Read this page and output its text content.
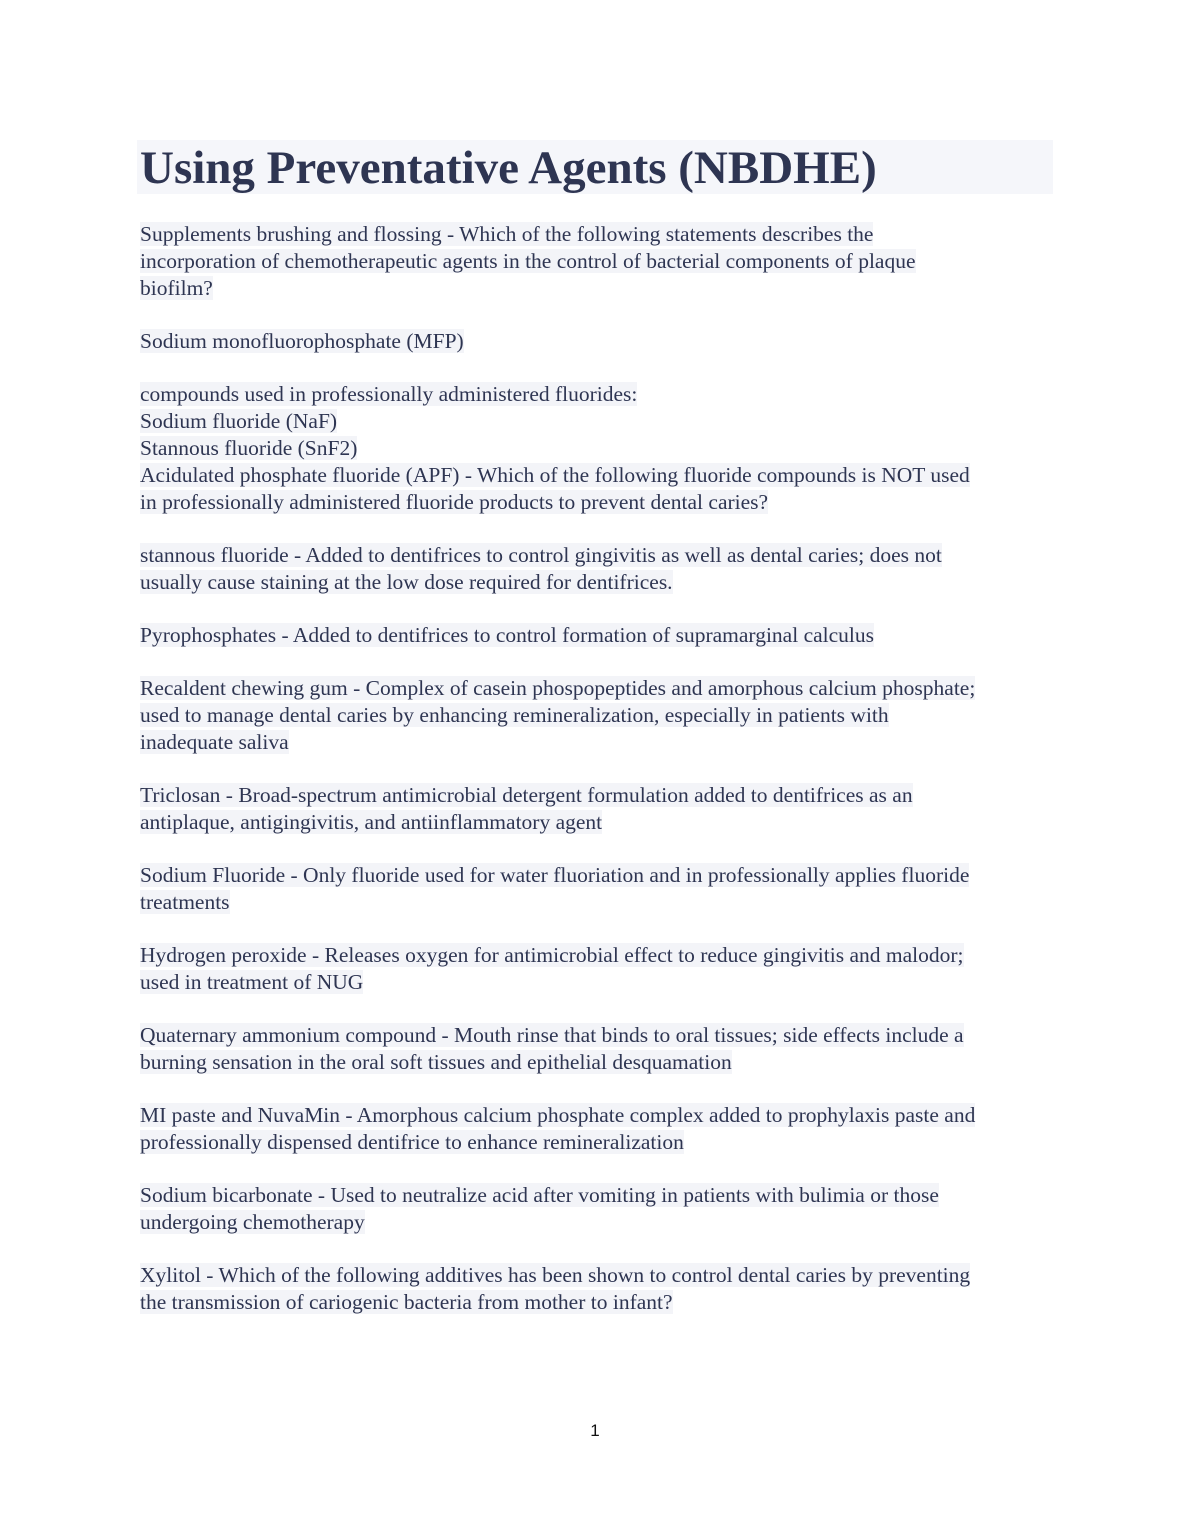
Using Preventative Agents (NBDHE)

Supplements brushing and flossing - Which of the following statements describes the
incorporation of chemotherapeutic agents in the control of bacterial components of plaque
biofilm?

Sodium monofluorophosphate (MFP)

compounds used in professionally administered fluorides:
Sodium fluoride (NaF)
Stannous fluoride (SnF2)
Acidulated phosphate fluoride (APF) - Which of the following fluoride compounds is NOT used
in professionally administered fluoride products to prevent dental caries?

stannous fluoride - Added to dentifrices to control gingivitis as well as dental caries; does not
usually cause staining at the low dose required for dentifrices.

Pyrophosphates - Added to dentifrices to control formation of supramarginal calculus

Recaldent chewing gum - Complex of casein phospopeptides and amorphous calcium phosphate;
used to manage dental caries by enhancing remineralization, especially in patients with
inadequate saliva

Triclosan - Broad-spectrum antimicrobial detergent formulation added to dentifrices as an
antiplaque, antigingivitis, and antiinflammatory agent

Sodium Fluoride - Only fluoride used for water fluoriation and in professionally applies fluoride
treatments

Hydrogen peroxide - Releases oxygen for antimicrobial effect to reduce gingivitis and malodor;
used in treatment of NUG

Quaternary ammonium compound - Mouth rinse that binds to oral tissues; side effects include a
burning sensation in the oral soft tissues and epithelial desquamation

MI paste and NuvaMin - Amorphous calcium phosphate complex added to prophylaxis paste and
professionally dispensed dentifrice to enhance remineralization

Sodium bicarbonate - Used to neutralize acid after vomiting in patients with bulimia or those
undergoing chemotherapy

Xylitol - Which of the following additives has been shown to control dental caries by preventing
the transmission of cariogenic bacteria from mother to infant?

1
